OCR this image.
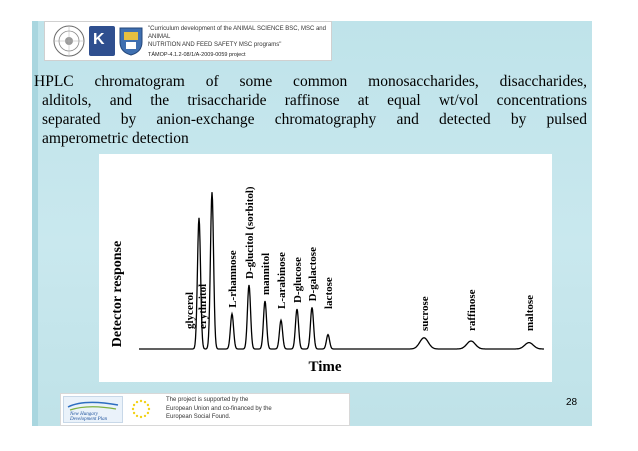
K
"Curriculum development of the ANIMAL SCIENCE BSC, MSC and ANIMAL
NUTRITION AND FEED SAFETY MSC programs"
TÁMOP-4.1.2-08/1/A-2009-0059 project
HPLC chromatogram of some common monosaccharides, disaccharides,
alditols, and the trisaccharide raffinose at equal wt/vol concentrations
separated by anion-exchange chromatography and detected by pulsed
amperometric detection
Detector response
Time
glycerol erythritol L-rhamnose
D-glucitol (sorbitol) mannitol L-arabinose D-glucose D-galactose lactose
sucrose	raffinose	maltose
New Hungary Development Plan
The project is supported by the
European Union and co-financed by the
European Social Found.
28
